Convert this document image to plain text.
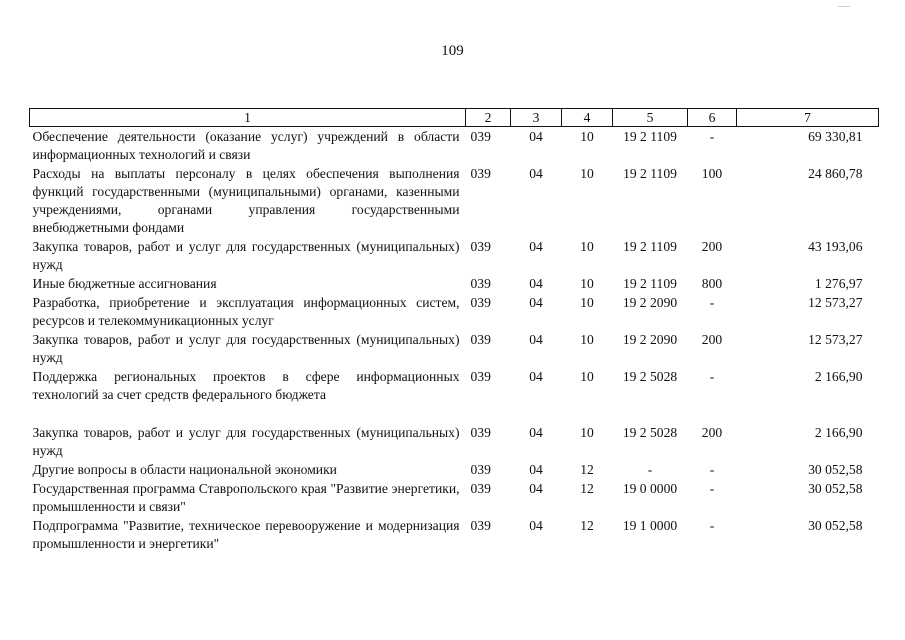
109
1	2	3	4	5	6	7
Обеспечение деятельности (оказание услуг) учреждений в области информационных технологий и связи	039	04	10	19 2 1109	-	69 330,81
Расходы на выплаты персоналу в целях обеспечения выполнения функций государственными (муниципальными) органами, казенными учреждениями, органами управления государственными внебюджетными фондами	039	04	10	19 2 1109	100	24 860,78
Закупка товаров, работ и услуг для государственных (муниципальных) нужд	039	04	10	19 2 1109	200	43 193,06
Иные бюджетные ассигнования	039	04	10	19 2 1109	800	1 276,97
Разработка, приобретение и эксплуатация информационных систем, ресурсов и телекоммуникационных услуг	039	04	10	19 2 2090	-	12 573,27
Закупка товаров, работ и услуг для государственных (муниципальных) нужд	039	04	10	19 2 2090	200	12 573,27
Поддержка региональных проектов в сфере информационных технологий за счет средств федерального бюджета	039	04	10	19 2 5028	-	2 166,90
Закупка товаров, работ и услуг для государственных (муниципальных) нужд	039	04	10	19 2 5028	200	2 166,90
Другие вопросы в области национальной экономики	039	04	12	-	-	30 052,58
Государственная программа Ставропольского края "Развитие энергетики, промышленности и связи"	039	04	12	19 0 0000	-	30 052,58
Подпрограмма "Развитие, техническое перевооружение и модернизация промышленности и энергетики"	039	04	12	19 1 0000	-	30 052,58
